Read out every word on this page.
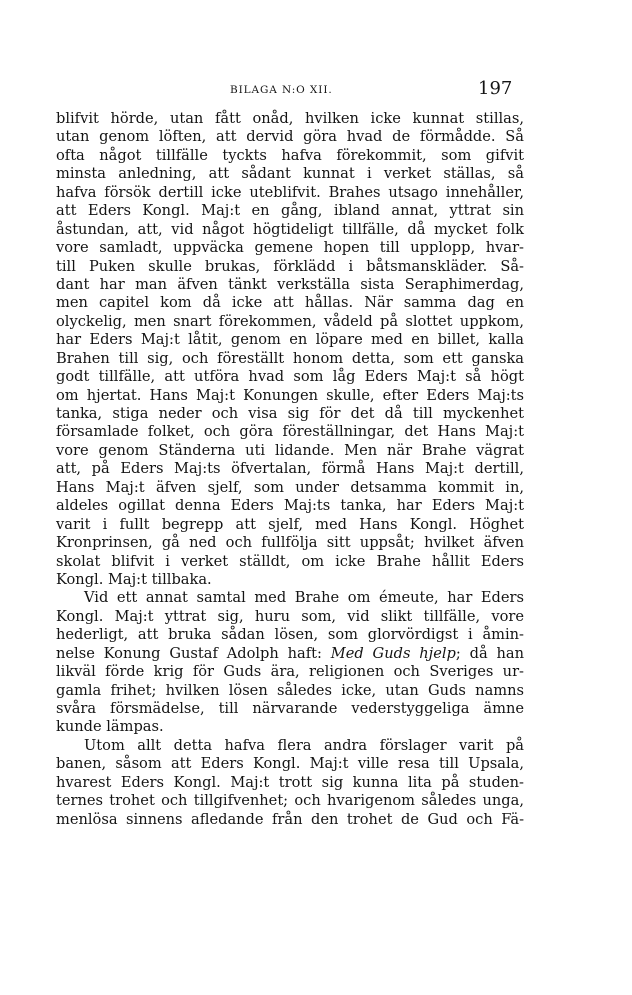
BILAGA N:O XII.	197
blifvit hörde, utan fått onåd, hvilken icke kunnat stillas,
utan genom löften, att dervid göra hvad de förmådde. Så
ofta något tillfälle tyckts hafva förekommit, som gifvit
minsta anledning, att sådant kunnat i verket ställas, så
hafva försök dertill icke uteblifvit. Brahes utsago innehåller,
att Eders Kongl. Maj:t en gång, ibland annat, yttrat sin
åstundan, att, vid något högtideligt tillfälle, då mycket folk
vore samladt, uppväcka gemene hopen till upplopp, hvar-
till Puken skulle brukas, förklädd i båtsmanskläder. Så-
dant har man äfven tänkt verkställa sista Seraphimerdag,
men capitel kom då icke att hållas. När samma dag en
olyckelig, men snart förekommen, vådeld på slottet uppkom,
har Eders Maj:t låtit, genom en löpare med en billet, kalla
Brahen till sig, och föreställt honom detta, som ett ganska
godt tillfälle, att utföra hvad som låg Eders Maj:t så högt
om hjertat. Hans Maj:t Konungen skulle, efter Eders Maj:ts
tanka, stiga neder och visa sig för det då till myckenhet
församlade folket, och göra föreställningar, det Hans Maj:t
vore genom Ständerna uti lidande. Men när Brahe vägrat
att, på Eders Maj:ts öfvertalan, förmå Hans Maj:t dertill,
Hans Maj:t äfven sjelf, som under detsamma kommit in,
aldeles ogillat denna Eders Maj:ts tanka, har Eders Maj:t
varit i fullt begrepp att sjelf, med Hans Kongl. Höghet
Kronprinsen, gå ned och fullfölja sitt uppsåt; hvilket äfven
skolat blifvit i verket ställdt, om icke Brahe hållit Eders
Kongl. Maj:t tillbaka.
Vid ett annat samtal med Brahe om émeute, har Eders
Kongl. Maj:t yttrat sig, huru som, vid slikt tillfälle, vore
hederligt, att bruka sådan lösen, som glorvördigst i åmin-
nelse Konung Gustaf Adolph haft: Med Guds hjelp; då han
likväl förde krig för Guds ära, religionen och Sveriges ur-
gamla frihet; hvilken lösen således icke, utan Guds namns
svåra försmädelse, till närvarande vederstyggeliga ämne
kunde lämpas.
Utom allt detta hafva flera andra förslager varit på
banen, såsom att Eders Kongl. Maj:t ville resa till Upsala,
hvarest Eders Kongl. Maj:t trott sig kunna lita på studen-
ternes trohet och tillgifvenhet; och hvarigenom således unga,
menlösa sinnens afledande från den trohet de Gud och Fä-
